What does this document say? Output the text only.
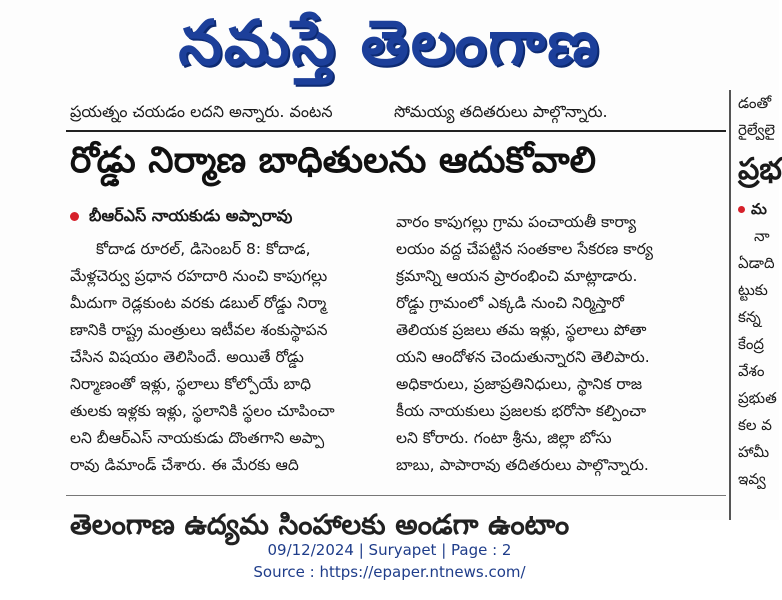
నమస్తే తెలంగాణ
ప్రయత్నం చయడం లదని అన్నారు. వంటన	సోమయ్య తదితరులు పాల్గొన్నారు.
రోడ్డు నిర్మాణ బాధితులను ఆదుకోవాలి
బీఆర్ఎస్ నాయకుడు అప్పారావు
కోదాడ రూరల్, డిసెంబర్ 8: కోదాడ,
మేళ్లచెర్వు ప్రధాన రహదారి నుంచి కాపుగల్లు
మీదుగా రెడ్లకుంట వరకు డబుల్ రోడ్డు నిర్మా
ణానికి రాష్ట్ర మంత్రులు ఇటీవల శంకుస్థాపన
చేసిన విషయం తెలిసిందే. అయితే రోడ్డు
నిర్మాణంతో ఇళ్లు, స్థలాలు కోల్పోయే బాధి
తులకు ఇళ్లకు ఇళ్లు, స్థలానికి స్థలం చూపించా
లని బీఆర్ఎస్ నాయకుడు దొంతగాని అప్పా
రావు డిమాండ్ చేశారు. ఈ మేరకు ఆది
వారం కాపుగల్లు గ్రామ పంచాయతీ కార్యా
లయం వద్ద చేపట్టిన సంతకాల సేకరణ కార్య
క్రమాన్ని ఆయన ప్రారంభించి మాట్లాడారు.
రోడ్డు గ్రామంలో ఎక్కడి నుంచి నిర్మిస్తారో
తెలియక ప్రజలు తమ ఇళ్లు, స్థలాలు పోతా
యని ఆందోళన చెందుతున్నారని తెలిపారు.
అధికారులు, ప్రజాప్రతినిధులు, స్థానిక రాజ
కీయ నాయకులు ప్రజలకు భరోసా కల్పించా
లని కోరారు. గంటా శ్రీను, జిల్లా బోసు
బాబు, పాపారావు తదితరులు పాల్గొన్నారు.
డంతో
రైల్వేలై
ప్రభ
మ
నా
ఏడాది
ట్టుకు
కన్న
కేంద్ర
వేశం
ప్రభుత
కల వ
హామీ
ఇవ్వ
తెలంగాణ ఉద్యమ సింహాలకు అండగా ఉంటాం
09/12/2024 | Suryapet | Page : 2
Source : https://epaper.ntnews.com/
